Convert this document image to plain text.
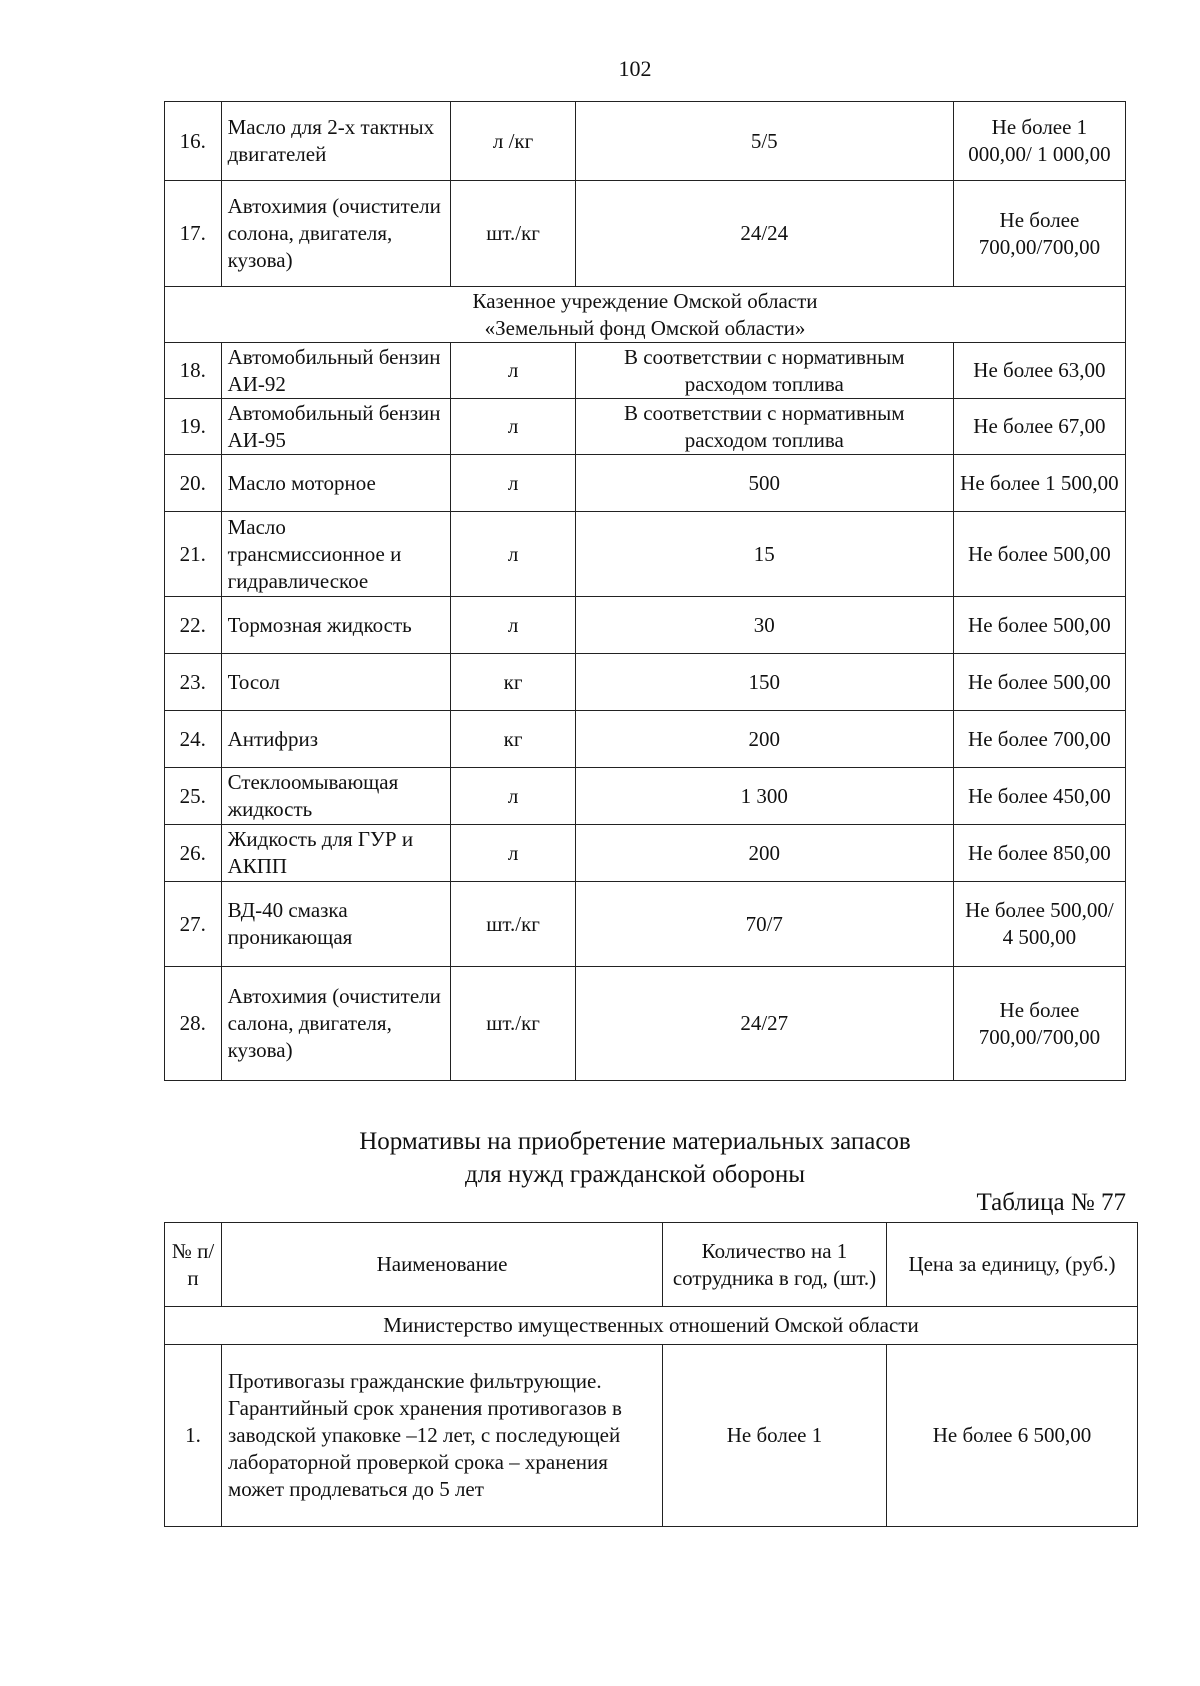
102
16.	Масло для 2-х тактных двигателей	л /кг	5/5	Не более 1 000,00/ 1 000,00
17.	Автохимия (очистители солона, двигателя, кузова)	шт./кг	24/24	Не более 700,00/700,00

Казенное учреждение Омской области
«Земельный фонд Омской области»				

18.	Автомобильный бензин АИ-92	л	В соответствии с нормативным расходом топлива	Не более 63,00
19.	Автомобильный бензин АИ-95	л	В соответствии с нормативным расходом топлива	Не более 67,00
20.	Масло моторное	л	500	Не более 1 500,00
21.	Масло трансмиссионное и гидравлическое	л	15	Не более 500,00
22.	Тормозная жидкость	л	30	Не более 500,00
23.	Тосол	кг	150	Не более 500,00
24.	Антифриз	кг	200	Не более 700,00
25.	Стеклоомывающая жидкость	л	1 300	Не более 450,00
26.	Жидкость для ГУР и АКПП	л	200	Не более 850,00
27.	ВД-40 смазка проникающая	шт./кг	70/7	Не более 500,00/ 4 500,00
28.	Автохимия (очистители салона, двигателя, кузова)	шт./кг	24/27	Не более 700,00/700,00
Нормативы на приобретение материальных запасов
для нужд гражданской обороны
Таблица № 77
№ п/п	Наименование	Количество на 1 сотрудника в год, (шт.)	Цена за единицу, (руб.)
Министерство имущественных отношений Омской области			
1.	Противогазы гражданские фильтрующие. Гарантийный срок хранения противогазов в заводской упаковке –12 лет, с последующей лабораторной проверкой срока – хранения может продлеваться до 5 лет	Не более 1	Не более 6 500,00
